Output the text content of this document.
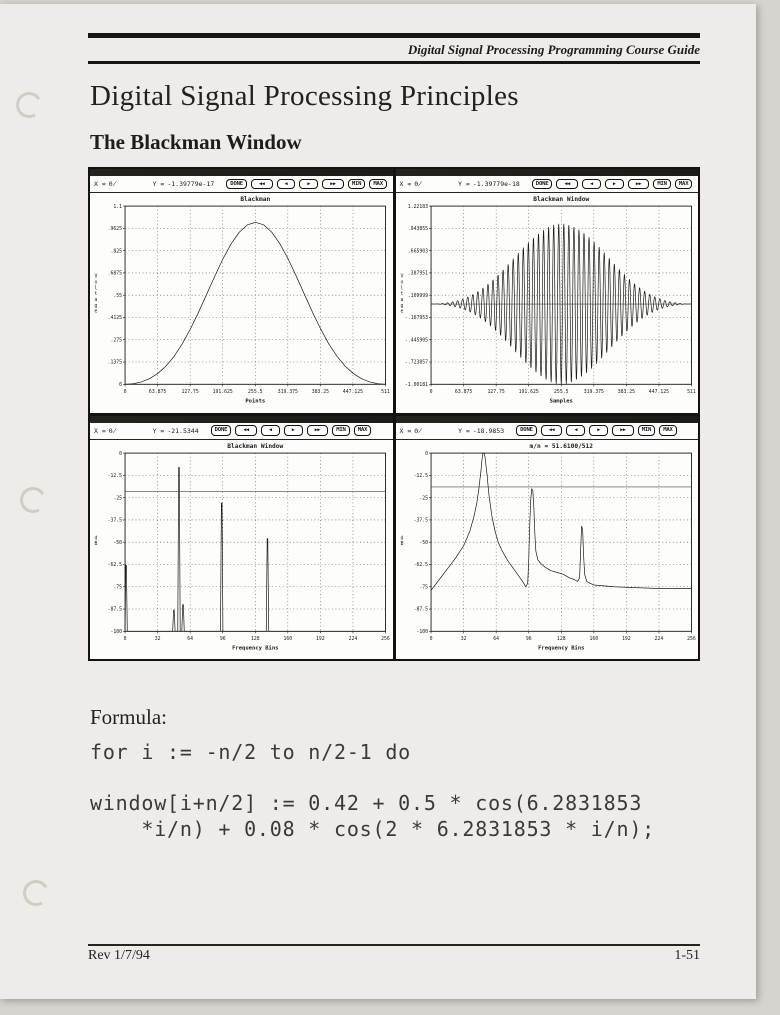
Digital Signal Processing Programming Course Guide
Digital Signal Processing Principles
The Blackman Window
X = 0̸	Y = -1.39779e-17	DONE	◀◀	◀	▶	▶▶	MIN	MAX
Blackman
1.1
.9625
.825
.6875
.55
.4125
.275
.1375
0
0	63.875	127.75	191.625	255.5	319.375	383.25	447.125	511
Points
V
o
l
t
a
g
e
X = 0̸	Y = -1.39779e-18	DONE	◀◀	◀	▶	▶▶	MIN	MAX
Blackman Window
1.22183
.943855
.665903
.387951
.109999
-.167953
-.445905
-.723857
-1.00181
0	63.875	127.75	191.625	255.5	319.375	383.25	447.125	511
Samples
V
o
l
t
a
g
e
X = 0̸	Y = -21.5344	DONE	◀◀	◀	▶	▶▶	MIN	MAX
Blackman Window
0
-12.5
-25
-37.5
-50
-62.5
-75
-87.5
-100
0	32	64	96	128	160	192	224	256
Frequency Bins
d
B
X = 0̸	Y = -18.9853	DONE	◀◀	◀	▶	▶▶	MIN	MAX
m/n = 51.6100/512
0
-12.5
-25
-37.5
-50
-62.5
-75
-87.5
-100
0	32	64	96	128	160	192	224	256
Frequency Bins
d
B
Formula:
for i := -n/2 to n/2-1 do
window[i+n/2] := 0.42 + 0.5 * cos(6.2831853
*i/n) + 0.08 * cos(2 * 6.2831853 * i/n);
Rev 1/7/94	1-51
